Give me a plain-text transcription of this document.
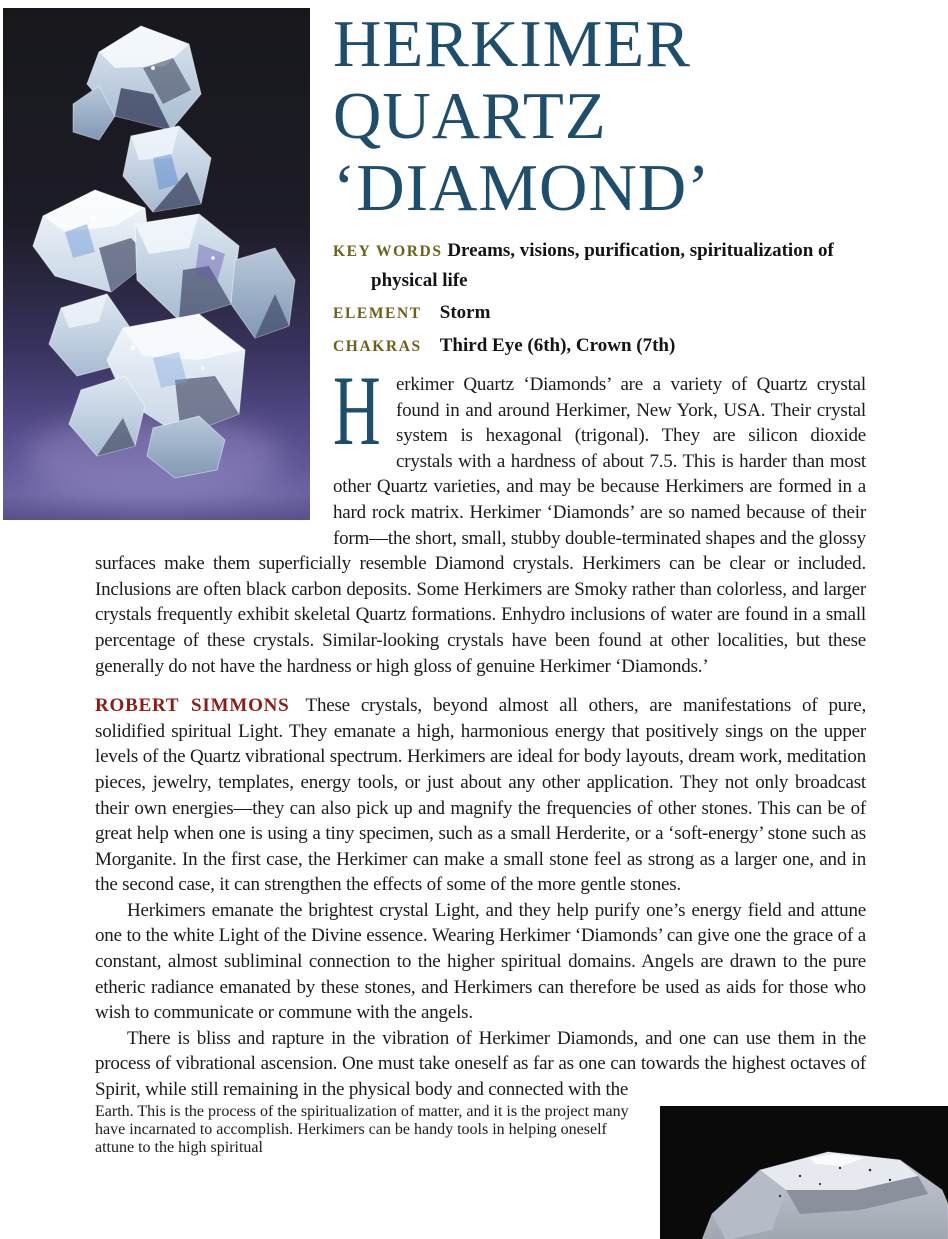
HERKIMER
QUARTZ
‘DIAMOND’

KEY WORDS Dreams, visions, purification, spiritualization of physical life

ELEMENT Storm

CHAKRAS Third Eye (6th), Crown (7th)

H erkimer Quartz ‘Diamonds’ are a variety of Quartz crystal found in and around Herkimer, New York, USA. Their crystal system is hexagonal (trigonal). They are silicon dioxide crystals with a hardness of about 7.5. This is harder than most other Quartz varieties, and may be because Herkimers are formed in a hard rock matrix. Herkimer ‘Diamonds’ are so named because of their form—the short, small, stubby double-terminated shapes and the glossy surfaces make them superficially resemble Diamond crystals. Herkimers can be clear or included. Inclusions are often black carbon deposits. Some Herkimers are Smoky rather than colorless, and larger crystals frequently exhibit skeletal Quartz formations. Enhydro inclusions of water are found in a small percentage of these crystals. Similar-looking crystals have been found at other localities, but these generally do not have the hardness or high gloss of genuine Herkimer ‘Diamonds.’

ROBERT SIMMONS These crystals, beyond almost all others, are manifestations of pure, solidified spiritual Light. They emanate a high, harmonious energy that positively sings on the upper levels of the Quartz vibrational spectrum. Herkimers are ideal for body layouts, dream work, meditation pieces, jewelry, templates, energy tools, or just about any other application. They not only broadcast their own energies—they can also pick up and magnify the frequencies of other stones. This can be of great help when one is using a tiny specimen, such as a small Herderite, or a ‘soft-energy’ stone such as Morganite. In the first case, the Herkimer can make a small stone feel as strong as a larger one, and in the second case, it can strengthen the effects of some of the more gentle stones.

Herkimers emanate the brightest crystal Light, and they help purify one’s energy field and attune one to the white Light of the Divine essence. Wearing Herkimer ‘Diamonds’ can give one the grace of a constant, almost subliminal connection to the higher spiritual domains. Angels are drawn to the pure etheric radiance emanated by these stones, and Herkimers can therefore be used as aids for those who wish to communicate or commune with the angels.

There is bliss and rapture in the vibration of Herkimer Diamonds, and one can use them in the process of vibrational ascension. One must take oneself as far as one can towards the highest octaves of Spirit, while still remaining in the physical body and connected with the

Earth. This is the process of the spiritualization of matter, and it is the project many have incarnated to accomplish. Herkimers can be handy tools in helping oneself attune to the high spiritual
